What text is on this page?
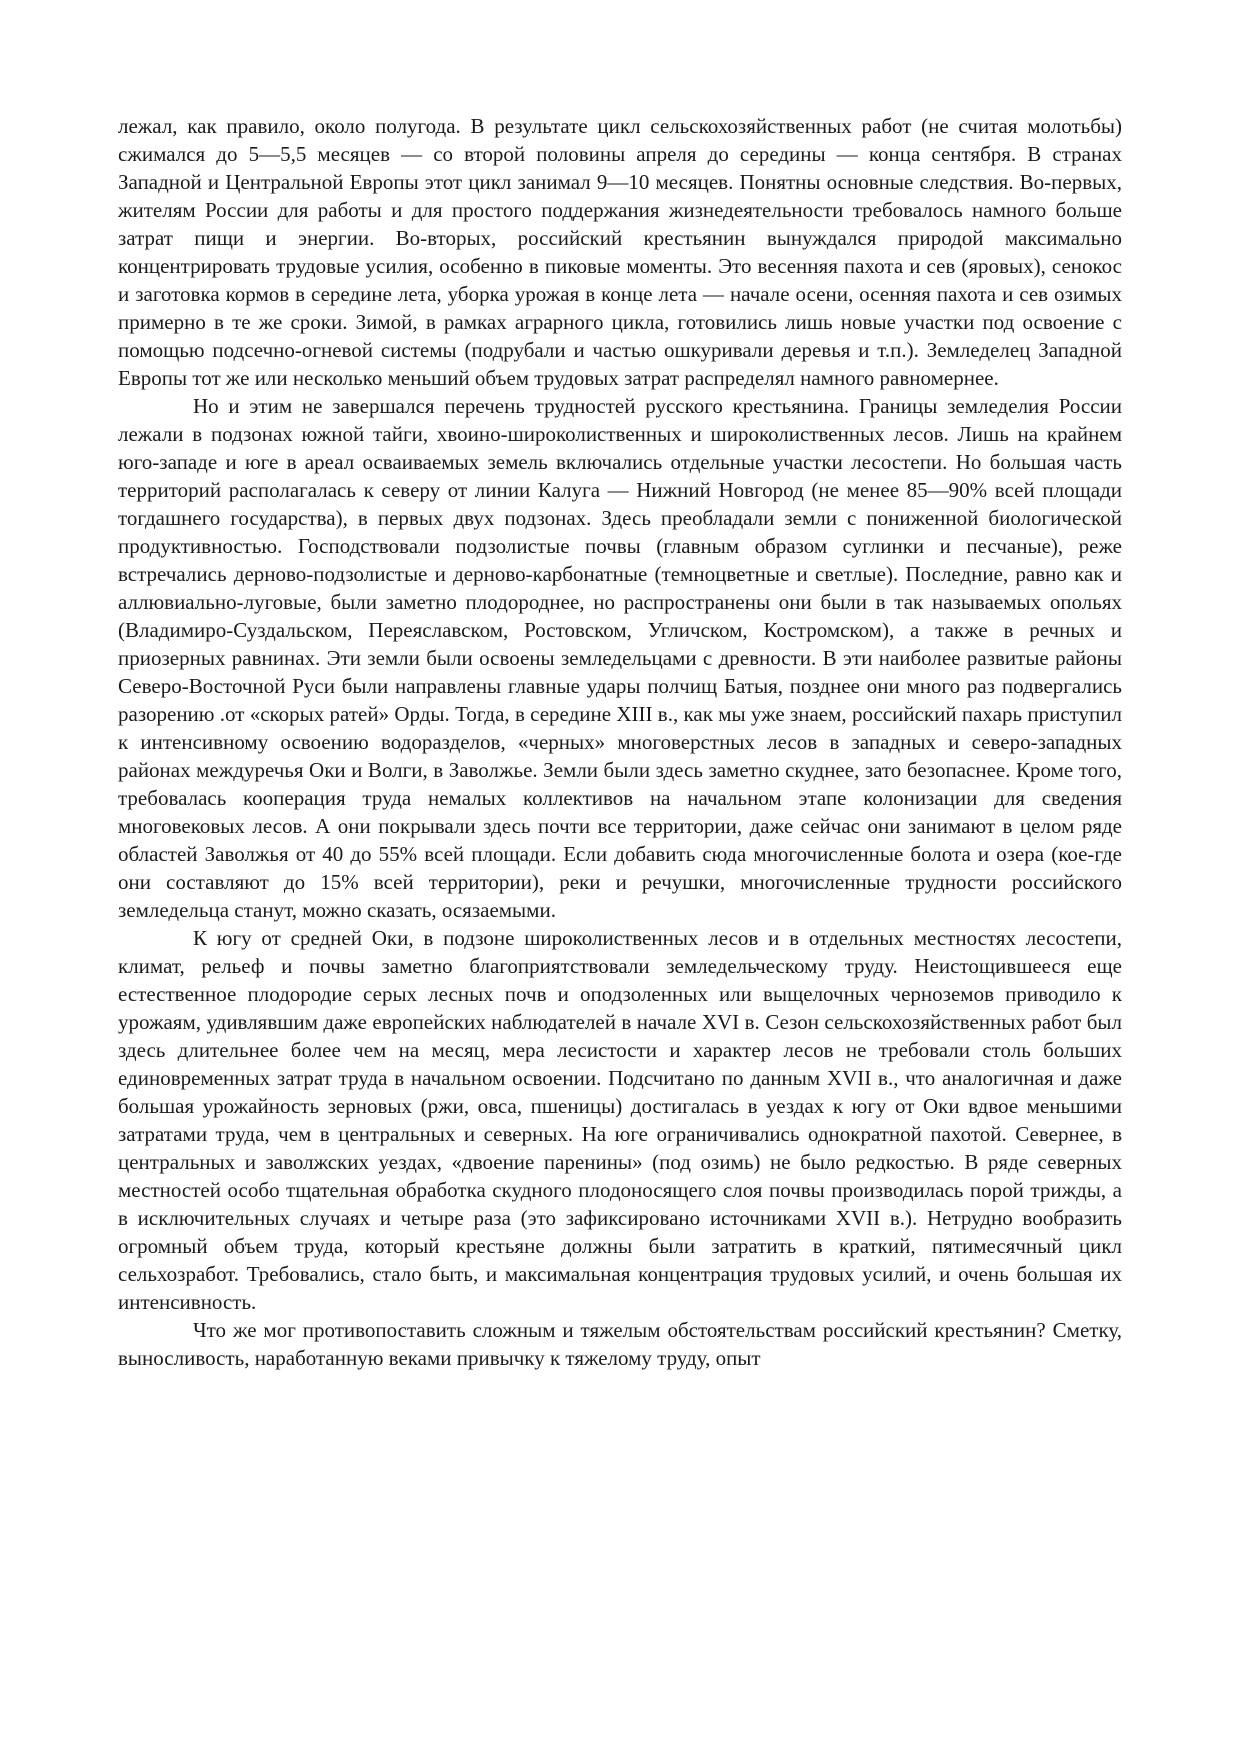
лежал, как правило, около полугода. В результате цикл сельскохозяйственных работ (не считая молотьбы) сжимался до 5—5,5 месяцев — со второй половины апреля до середины — конца сентября. В странах Западной и Центральной Европы этот цикл занимал 9—10 месяцев. Понятны основные следствия. Во-первых, жителям России для работы и для простого поддержания жизнедеятельности требовалось намного больше затрат пищи и энергии. Во-вторых, российский крестьянин вынуждался природой максимально концентрировать трудовые усилия, особенно в пиковые моменты. Это весенняя пахота и сев (яровых), сенокос и заготовка кормов в середине лета, уборка урожая в конце лета — начале осени, осенняя пахота и сев озимых примерно в те же сроки. Зимой, в рамках аграрного цикла, готовились лишь новые участки под освоение с помощью подсечно-огневой системы (подрубали и частью ошкуривали деревья и т.п.). Земледелец Западной Европы тот же или несколько меньший объем трудовых затрат распределял намного равномернее.

Но и этим не завершался перечень трудностей русского крестьянина. Границы земледелия России лежали в подзонах южной тайги, хвоино-широколиственных и широколиственных лесов. Лишь на крайнем юго-западе и юге в ареал осваиваемых земель включались отдельные участки лесостепи. Но большая часть территорий располагалась к северу от линии Калуга — Нижний Новгород (не менее 85—90% всей площади тогдашнего государства), в первых двух подзонах. Здесь преобладали земли с пониженной биологической продуктивностью. Господствовали подзолистые почвы (главным образом суглинки и песчаные), реже встречались дерново-подзолистые и дерново-карбонатные (темноцветные и светлые). Последние, равно как и аллювиально-луговые, были заметно плодороднее, но распространены они были в так называемых опольях (Владимиро-Суздальском, Переяславском, Ростовском, Угличском, Костромском), а также в речных и приозерных равнинах. Эти земли были освоены земледельцами с древности. В эти наиболее развитые районы Северо-Восточной Руси были направлены главные удары полчищ Батыя, позднее они много раз подвергались разорению .от «скорых ратей» Орды. Тогда, в середине XIII в., как мы уже знаем, российский пахарь приступил к интенсивному освоению водоразделов, «черных» многоверстных лесов в западных и северо-западных районах междуречья Оки и Волги, в Заволжье. Земли были здесь заметно скуднее, зато безопаснее. Кроме того, требовалась кооперация труда немалых коллективов на начальном этапе колонизации для сведения многовековых лесов. А они покрывали здесь почти все территории, даже сейчас они занимают в целом ряде областей Заволжья от 40 до 55% всей площади. Если добавить сюда многочисленные болота и озера (кое-где они составляют до 15% всей территории), реки и речушки, многочисленные трудности российского земледельца станут, можно сказать, осязаемыми.

К югу от средней Оки, в подзоне широколиственных лесов и в отдельных местностях лесостепи, климат, рельеф и почвы заметно благоприятствовали земледельческому труду. Неистощившееся еще естественное плодородие серых лесных почв и оподзоленных или выщелочных черноземов приводило к урожаям, удивлявшим даже европейских наблюдателей в начале XVI в. Сезон сельскохозяйственных работ был здесь длительнее более чем на месяц, мера лесистости и характер лесов не требовали столь больших единовременных затрат труда в начальном освоении. Подсчитано по данным XVII в., что аналогичная и даже большая урожайность зерновых (ржи, овса, пшеницы) достигалась в уездах к югу от Оки вдвое меньшими затратами труда, чем в центральных и северных. На юге ограничивались однократной пахотой. Севернее, в центральных и заволжских уездах, «двоение паренины» (под озимь) не было редкостью. В ряде северных местностей особо тщательная обработка скудного плодоносящего слоя почвы производилась порой трижды, а в исключительных случаях и четыре раза (это зафиксировано источниками XVII в.). Нетрудно вообразить огромный объем труда, который крестьяне должны были затратить в краткий, пятимесячный цикл сельхозработ. Требовались, стало быть, и максимальная концентрация трудовых усилий, и очень большая их интенсивность.

Что же мог противопоставить сложным и тяжелым обстоятельствам российский крестьянин? Сметку, выносливость, наработанную веками привычку к тяжелому труду, опыт
